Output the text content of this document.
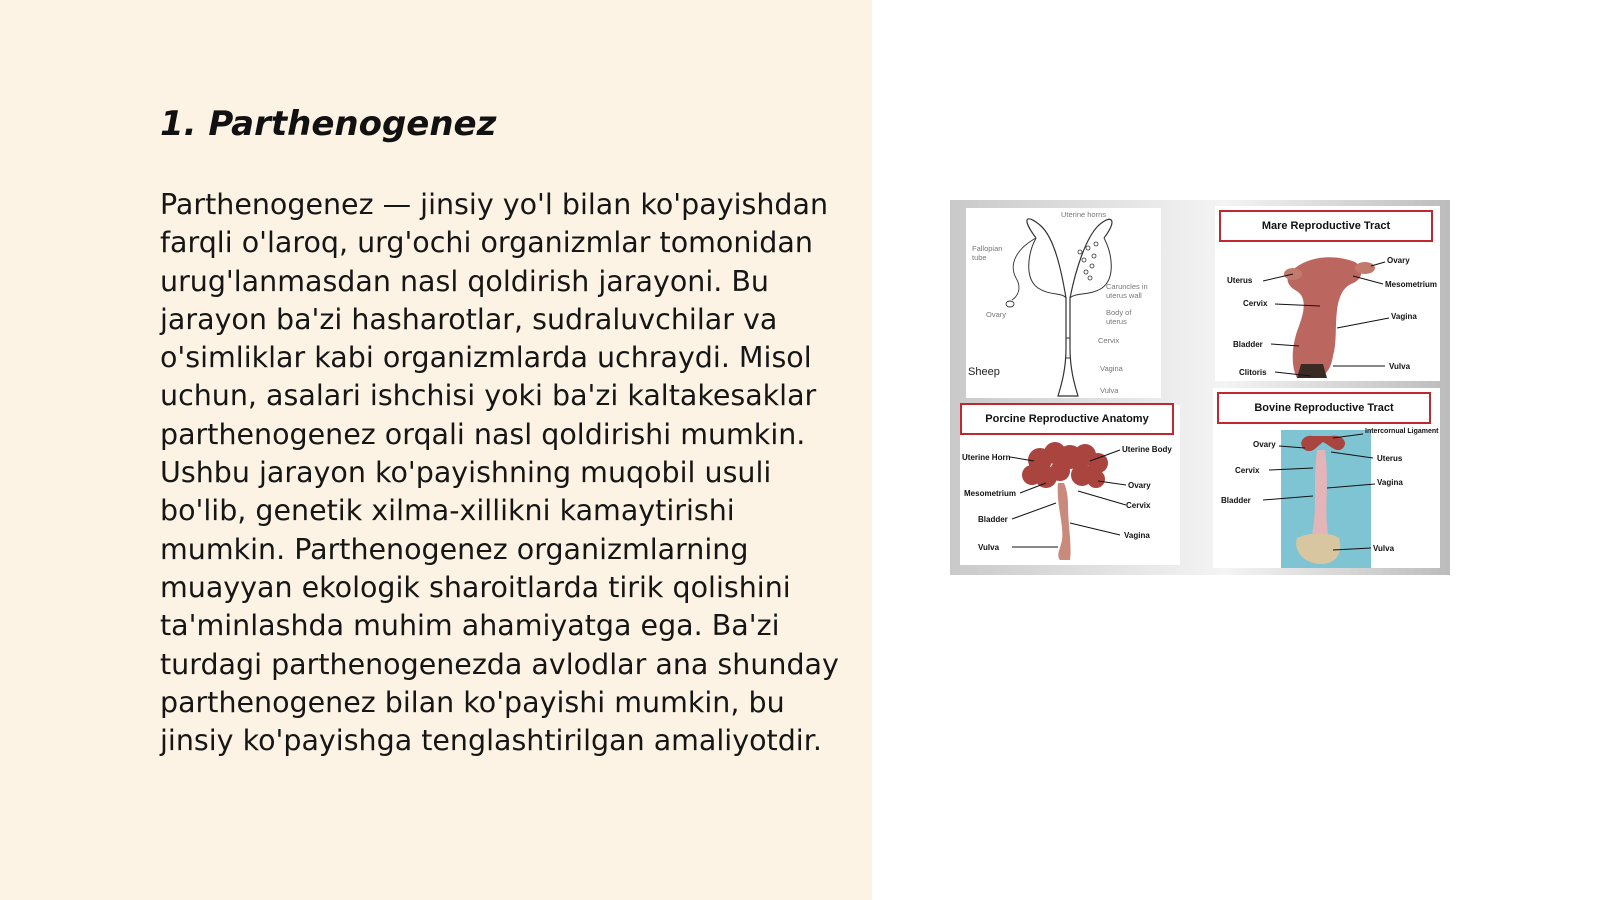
1. Parthenogenez

Parthenogenez — jinsiy yo'l bilan ko'payishdan farqli o'laroq, urg'ochi organizmlar tomonidan urug'lanmasdan nasl qoldirish jarayoni. Bu jarayon ba'zi hasharotlar, sudraluvchilar va o'simliklar kabi organizmlarda uchraydi. Misol uchun, asalari ishchisi yoki ba'zi kaltakesaklar parthenogenez orqali nasl qoldirishi mumkin. Ushbu jarayon ko'payishning muqobil usuli bo'lib, genetik xilma-xillikni kamaytirishi mumkin. Parthenogenez organizmlarning muayyan ekologik sharoitlarda tirik qolishini ta'minlashda muhim ahamiyatga ega. Ba'zi turdagi parthenogenezda avlodlar ana shunday parthenogenez bilan ko'payishi mumkin, bu jinsiy ko'payishga tenglashtirilgan amaliyotdir.

Uterine horns
Fallopian tube
Ovary
Caruncles in uterus wall
Body of uterus
Cervix
Vagina
Vulva
Sheep
Mare Reproductive Tract
Ovary
Uterus	Mesometrium
Cervix
Vagina
Bladder
Vulva
Clitoris
Porcine Reproductive Anatomy
Uterine Body
Uterine Horn
Ovary
Mesometrium
Cervix
Bladder
Vagina
Vulva
Bovine Reproductive Tract
Intercornual Ligament
Ovary
Uterus
Cervix
Vagina
Bladder
Vulva
